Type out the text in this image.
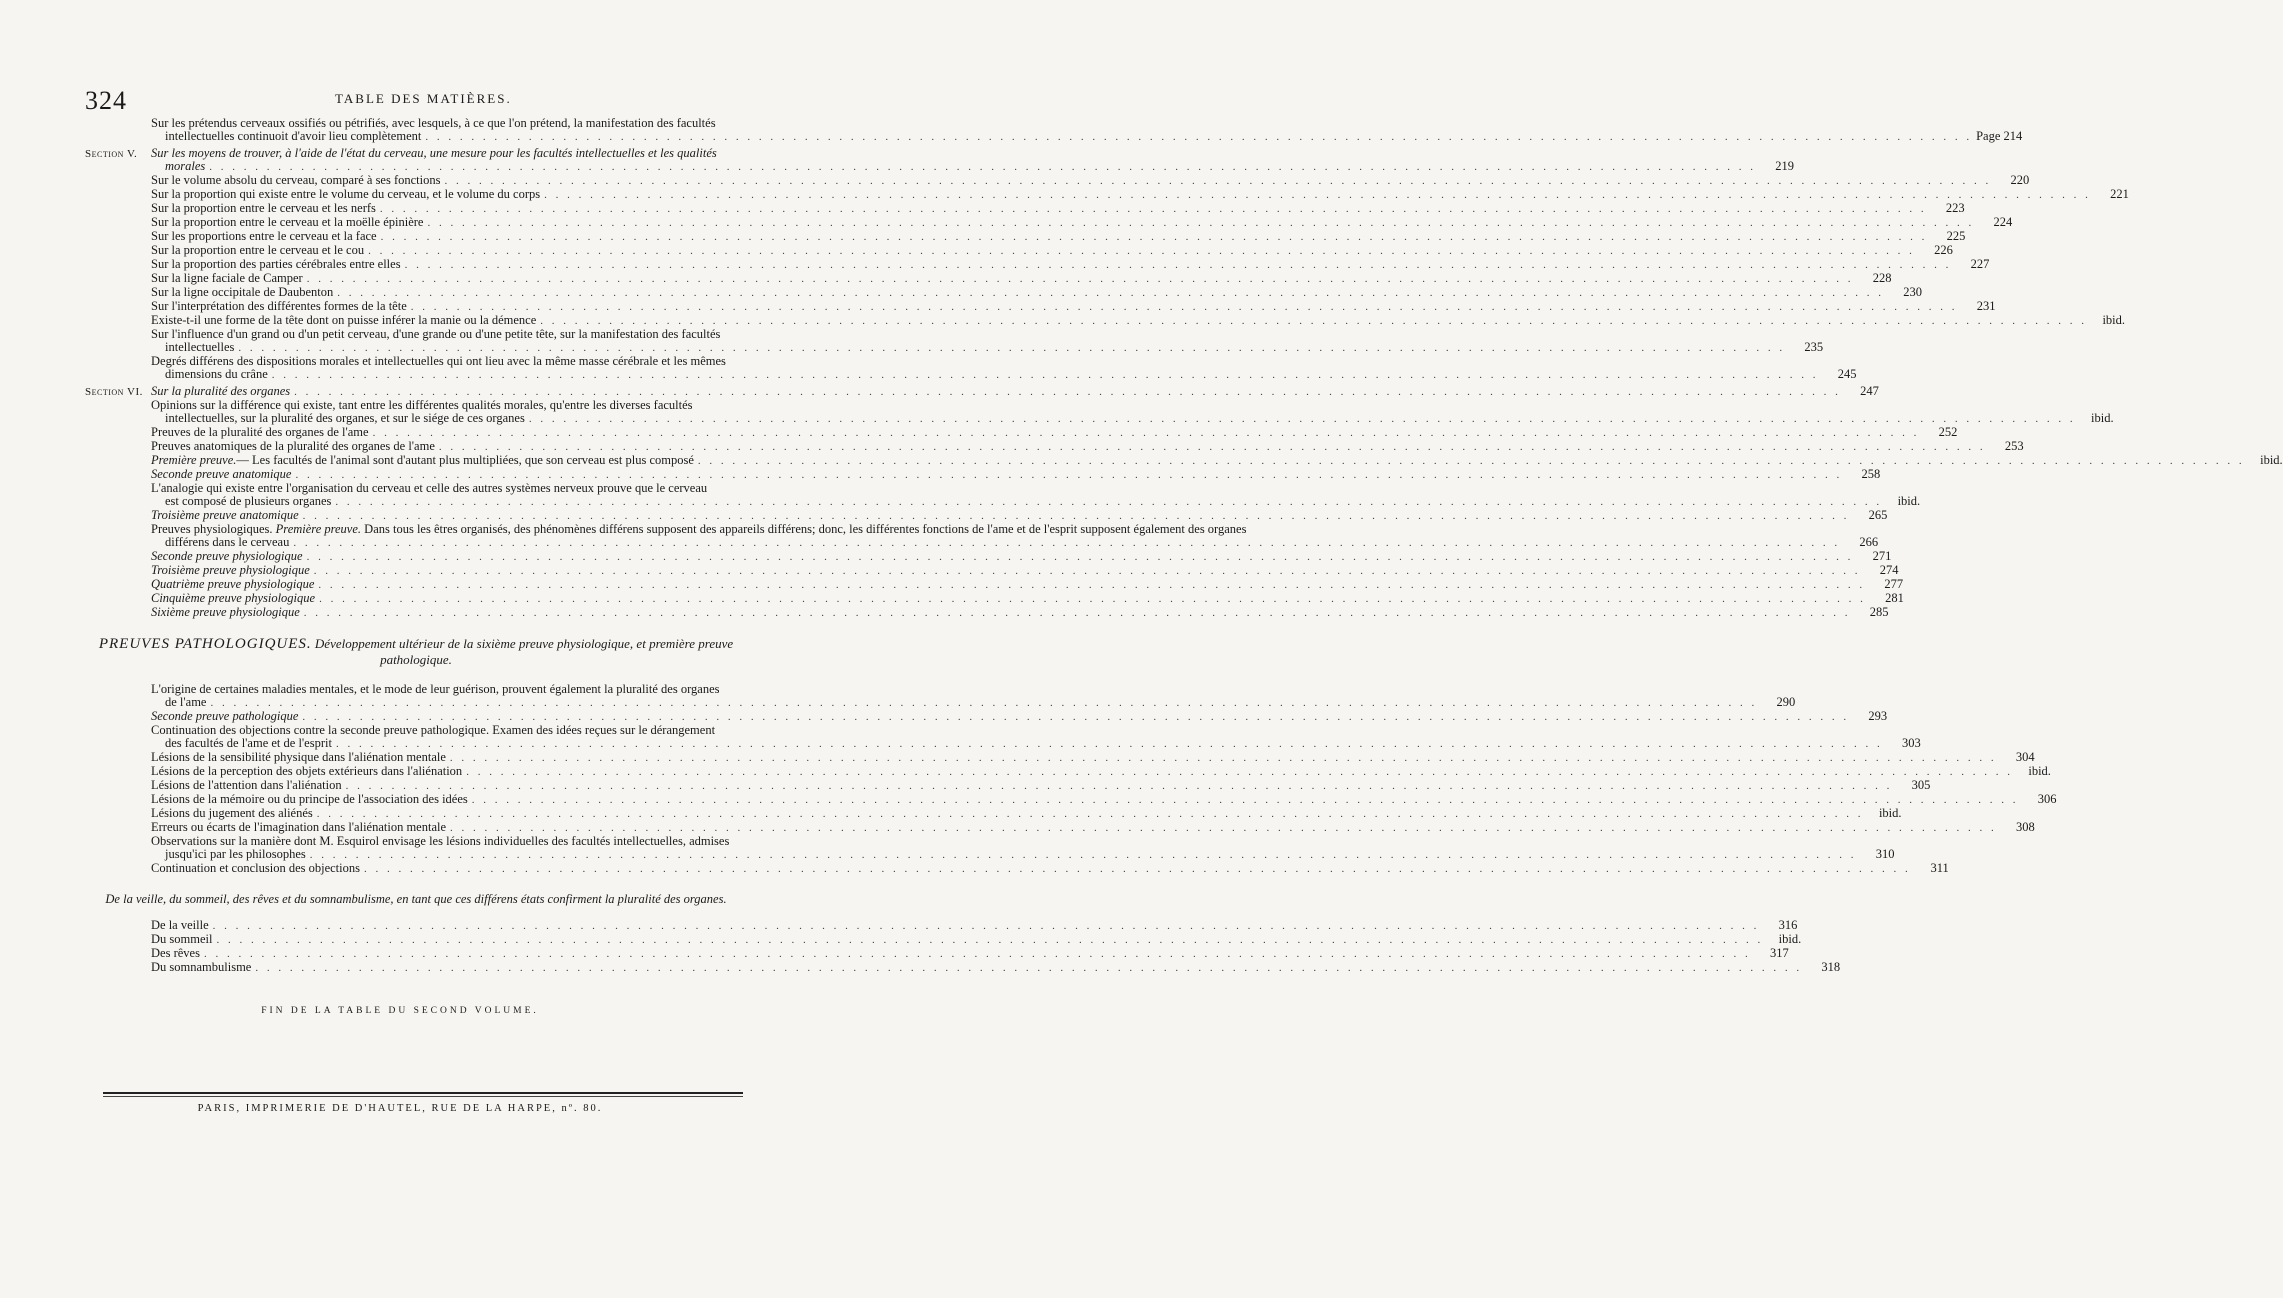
324	TABLE DES MATIÈRES.
Sur les prétendus cerveaux ossifiés ou pétrifiés, avec lesquels, à ce que l'on prétend, la manifestation des facultés
intellectuelles continuoit d'avoir lieu complètement . . .	Page 214
Section V.	Sur les moyens de trouver, à l'aide de l'état du cerveau, une mesure pour les facultés intellectuelles et les qualités
morales . . .	219
Sur le volume absolu du cerveau, comparé à ses fonctions . . .	220
Sur la proportion qui existe entre le volume du cerveau, et le volume du corps . . .	221
Sur la proportion entre le cerveau et les nerfs . . .	223
Sur la proportion entre le cerveau et la moëlle épinière . . .	224
Sur les proportions entre le cerveau et la face . . .	225
Sur la proportion entre le cerveau et le cou . . .	226
Sur la proportion des parties cérébrales entre elles . . .	227
Sur la ligne faciale de Camper . . .	228
Sur la ligne occipitale de Daubenton . . .	230
Sur l'interprétation des différentes formes de la tête . . .	231
Existe-t-il une forme de la tête dont on puisse inférer la manie ou la démence . . .	ibid.
Sur l'influence d'un grand ou d'un petit cerveau, d'une grande ou d'une petite tête, sur la manifestation des facultés
intellectuelles . . .	235
Degrés différens des dispositions morales et intellectuelles qui ont lieu avec la même masse cérébrale et les mêmes
dimensions du crâne . . .	245
Section VI. Sur la pluralité des organes . . .	247
Opinions sur la différence qui existe, tant entre les différentes qualités morales, qu'entre les diverses facultés
intellectuelles, sur la pluralité des organes, et sur le siége de ces organes . . .	ibid.
Preuves de la pluralité des organes de l'ame . . .	252
Preuves anatomiques de la pluralité des organes de l'ame . . .	253
Première preuve. — Les facultés de l'animal sont d'autant plus multipliées, que son cerveau est plus composé . . .	ibid.
Seconde preuve anatomique . . .	258
L'analogie qui existe entre l'organisation du cerveau et celle des autres systèmes nerveux prouve que le cerveau
est composé de plusieurs organes . . .	ibid.
Troisième preuve anatomique . . .	265
Preuves physiologiques. Première preuve. Dans tous les êtres organisés, des phénomènes différens supposent des appareils différens; donc, les différentes fonctions de l'ame et de l'esprit supposent également des organes
différens dans le cerveau . . .	266
Seconde preuve physiologique . . .	271
Troisième preuve physiologique . . .	274
Quatrième preuve physiologique . . .	277
Cinquième preuve physiologique . . .	281
Sixième preuve physiologique . . .	285
PREUVES PATHOLOGIQUES. Développement ultérieur de la sixième preuve physiologique, et première preuve
pathologique.
L'origine de certaines maladies mentales, et le mode de leur guérison, prouvent également la pluralité des organes
de l'ame . . .	290
Seconde preuve pathologique . . .	293
Continuation des objections contre la seconde preuve pathologique. Examen des idées reçues sur le dérangement
des facultés de l'ame et de l'esprit . . .	303
Lésions de la sensibilité physique dans l'aliénation mentale . . .	304
Lésions de la perception des objets extérieurs dans l'aliénation . . .	ibid.
Lésions de l'attention dans l'aliénation . . .	305
Lésions de la mémoire ou du principe de l'association des idées . . .	306
Lésions du jugement des aliénés . . .	ibid.
Erreurs ou écarts de l'imagination dans l'aliénation mentale . . .	308
Observations sur la manière dont M. Esquirol envisage les lésions individuelles des facultés intellectuelles, admises
jusqu'ici par les philosophes . . .	310
Continuation et conclusion des objections . . .	311
De la veille, du sommeil, des rêves et du somnambulisme, en tant que ces différens états confirment la pluralité des organes.
De la veille . . .	316
Du sommeil . . .	ibid.
Des rêves . . .	317
Du somnambulisme . . .	318
FIN DE LA TABLE DU SECOND VOLUME.
PARIS, IMPRIMERIE DE D'HAUTEL, RUE DE LA HARPE, nº. 80.
